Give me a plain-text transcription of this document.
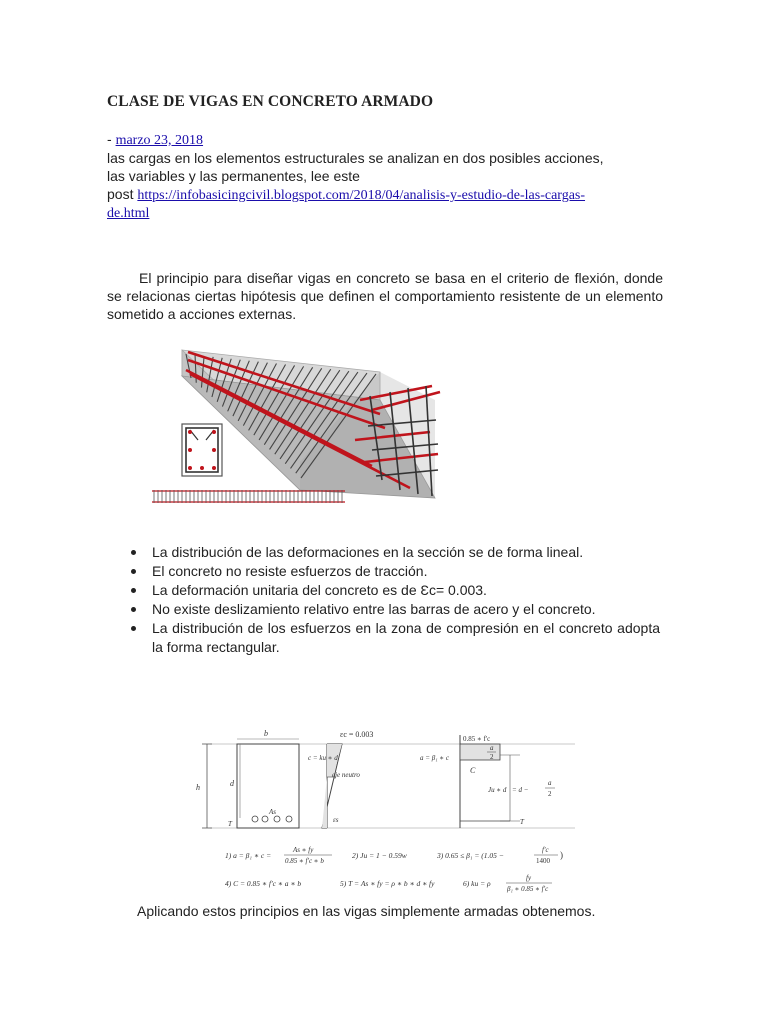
CLASE DE VIGAS EN CONCRETO ARMADO
- marzo 23, 2018
las cargas en los elementos estructurales se analizan en dos posibles acciones,
las variables y las permanentes, lee este
post https://infobasicingcivil.blogspot.com/2018/04/analisis-y-estudio-de-las-cargas-
de.html

El principio para diseñar vigas en concreto se basa en el criterio de flexión, donde se relacionas ciertas hipótesis que definen el comportamiento resistente de un elemento sometido a acciones externas.

La distribución de las deformaciones en la sección se de forma lineal.
El concreto no resiste esfuerzos de tracción.
La deformación unitaria del concreto es de Ɛc= 0.003.
No existe deslizamiento relativo entre las barras de acero y el concreto.
La distribución de los esfuerzos en la zona de compresión en el concreto adopta la forma rectangular.
h
b
d
As
T
εc = 0.003
c = ku ∗ d
eje neutro
εs
a = β₁ ∗ c
0.85 ∗ f'c
a
2
C
Ju ∗ d = d −
a
2
T
1) a = β₁ ∗ c =
As ∗ fy
0.85 ∗ f'c ∗ b
2) Ju = 1 − 0.59w	3) 0.65 ≤ β₁ = (1.05 −
f'c
1400
)
4) C = 0.85 ∗ f'c ∗ a ∗ b	5) T = As ∗ fy = ρ ∗ b ∗ d ∗ fy	6) ku = ρ
fy
β₁ ∗ 0.85 ∗ f'c
Aplicando estos principios en las vigas simplemente armadas obtenemos.
